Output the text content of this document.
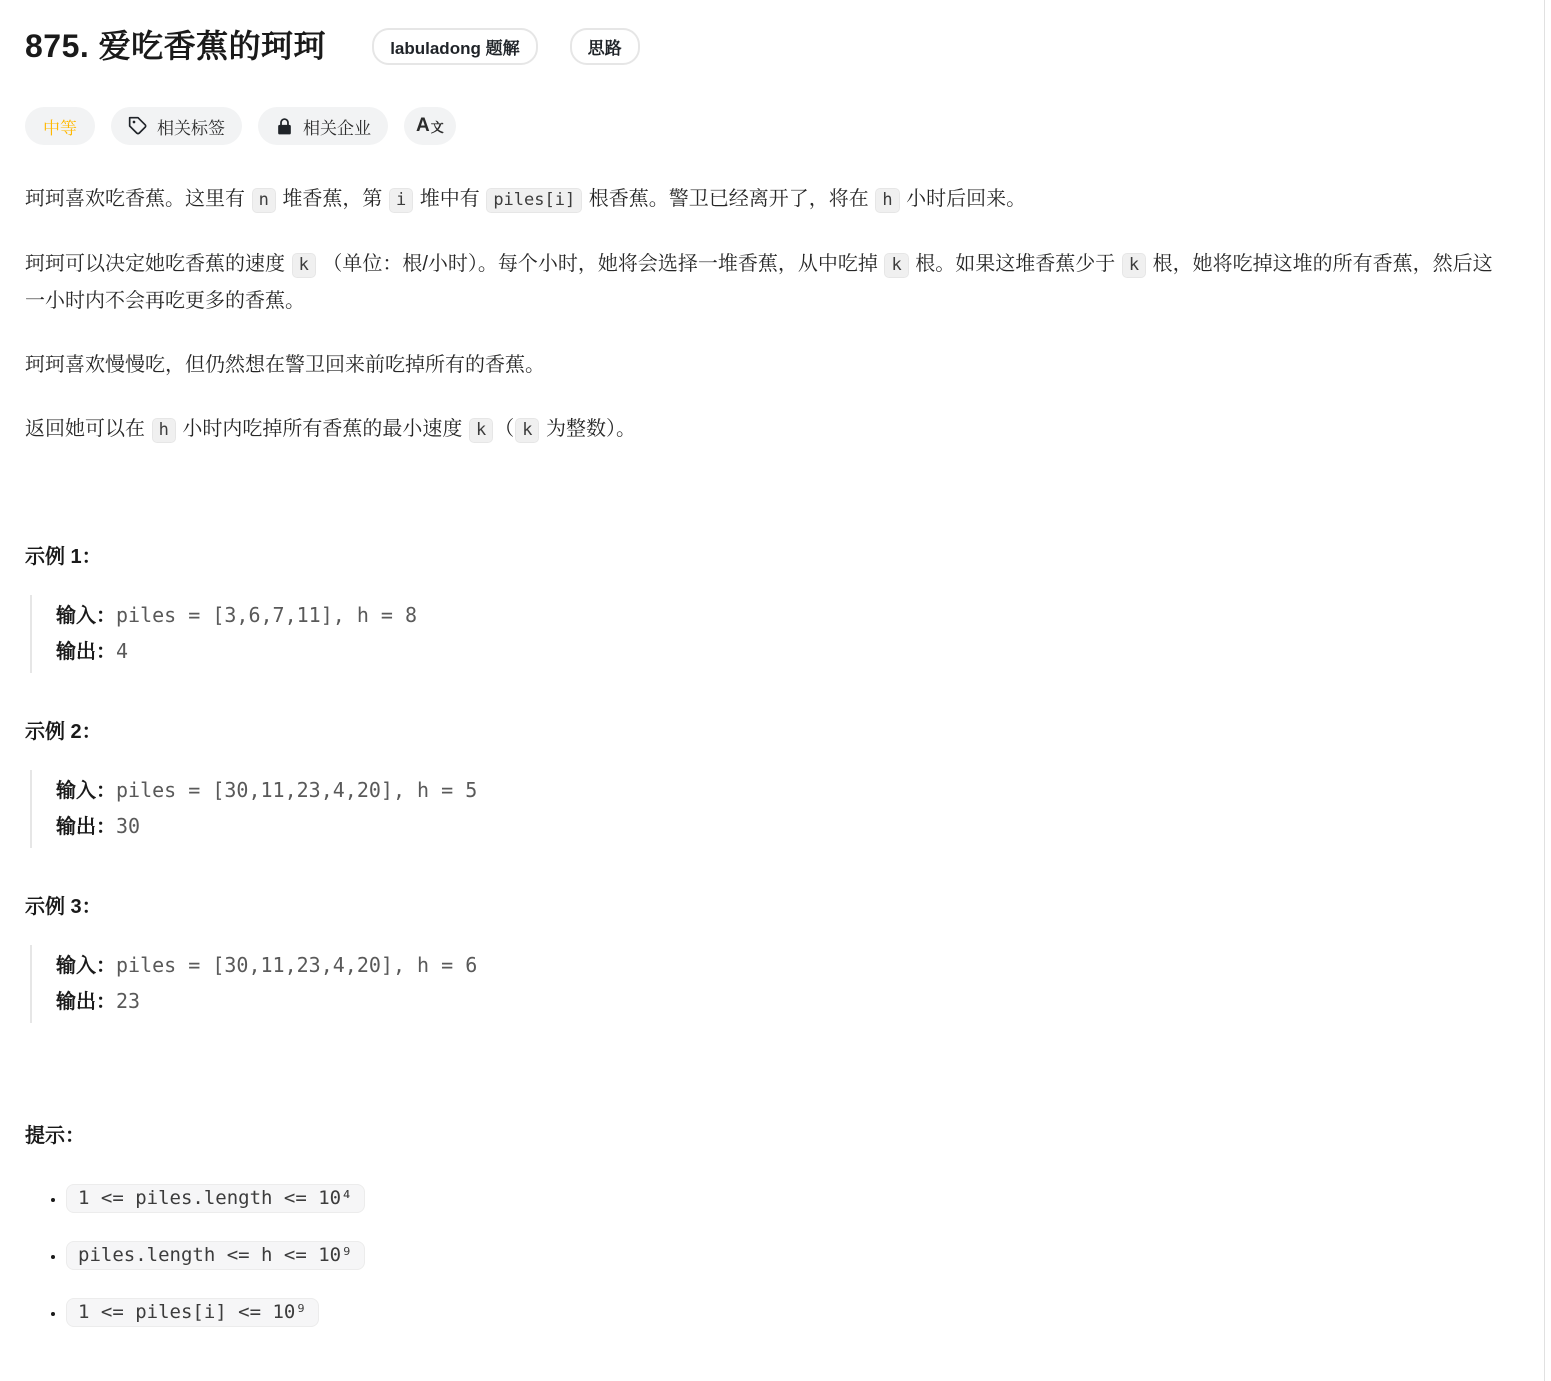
875. 爱吃香蕉的珂珂	labuladong 题解	思路
中等	相关标签	相关企业 A 文

珂珂喜欢吃香蕉。这里有 n 堆香蕉，第 i 堆中有 piles[i] 根香蕉。警卫已经离开了，将在 h 小时后回来。

珂珂可以决定她吃香蕉的速度 k （单位：根/小时）。每个小时，她将会选择一堆香蕉，从中吃掉 k 根。如果这堆香蕉少于 k 根，她将吃掉这堆的所有香蕉，然后这一小时内不会再吃更多的香蕉。

珂珂喜欢慢慢吃，但仍然想在警卫回来前吃掉所有的香蕉。

返回她可以在 h 小时内吃掉所有香蕉的最小速度 k （ k 为整数）。

示例 1：
输入：piles = [3,6,7,11], h = 8
输出：4
示例 2：
输入：piles = [30,11,23,4,20], h = 5
输出：30
示例 3：
输入：piles = [30,11,23,4,20], h = 6
输出：23
提示：
• 1 <= piles.length <= 10⁴
• piles.length <= h <= 10⁹
• 1 <= piles[i] <= 10⁹
